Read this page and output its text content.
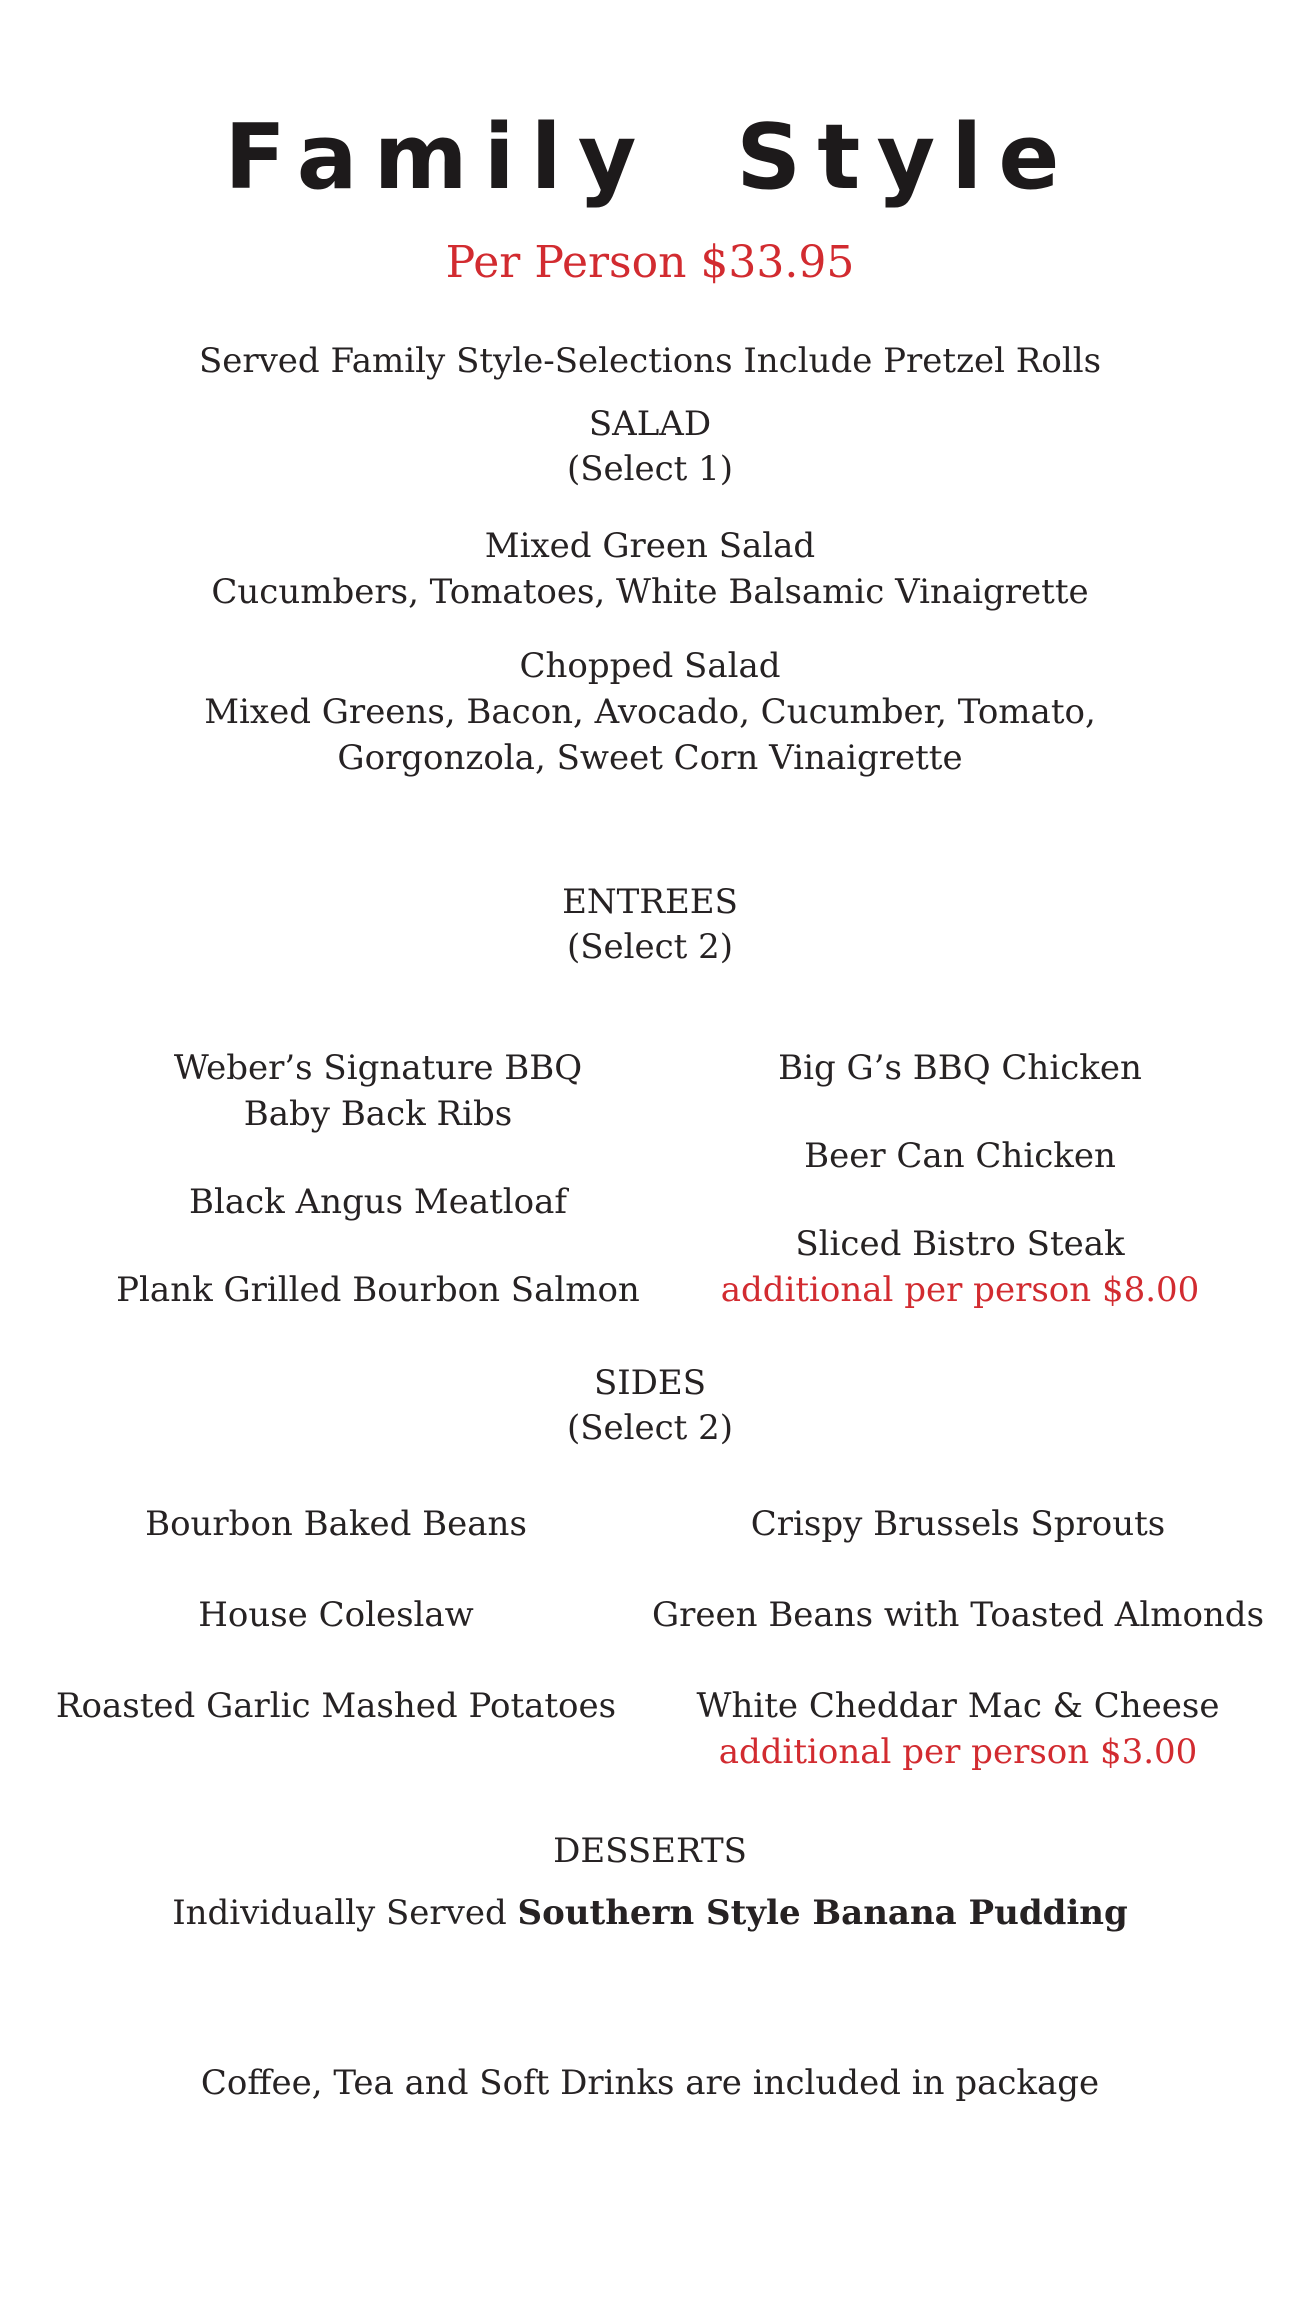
Family Style
Per Person $33.95
Served Family Style-Selections Include Pretzel Rolls
SALAD
(Select 1)
Mixed Green Salad
Cucumbers, Tomatoes, White Balsamic Vinaigrette
Chopped Salad
Mixed Greens, Bacon, Avocado, Cucumber, Tomato,
Gorgonzola, Sweet Corn Vinaigrette
ENTREES
(Select 2)
Weber’s Signature BBQ
Baby Back Ribs
Black Angus Meatloaf
Plank Grilled Bourbon Salmon
Big G’s BBQ Chicken
Beer Can Chicken
Sliced Bistro Steak
additional per person $8.00
SIDES
(Select 2)
Bourbon Baked Beans	Crispy Brussels Sprouts
House Coleslaw	Green Beans with Toasted Almonds
Roasted Garlic Mashed Potatoes	White Cheddar Mac & Cheese
additional per person $3.00
DESSERTS
Individually Served Southern Style Banana Pudding
Coffee, Tea and Soft Drinks are included in package
